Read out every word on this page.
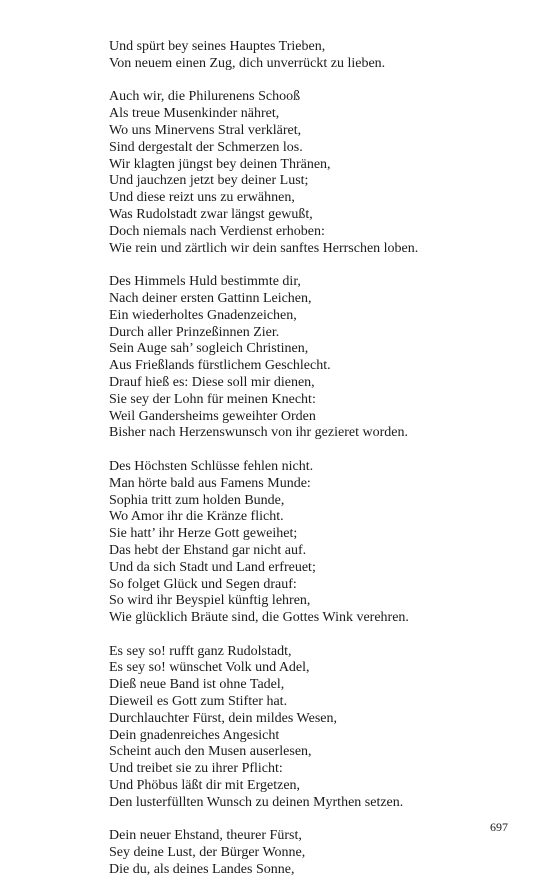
Und spürt bey seines Hauptes Trieben,
Von neuem einen Zug, dich unverrückt zu lieben.
Auch wir, die Philurenens Schooß
Als treue Musenkinder nähret,
Wo uns Minervens Stral verkläret,
Sind dergestalt der Schmerzen los.
Wir klagten jüngst bey deinen Thränen,
Und jauchzen jetzt bey deiner Lust;
Und diese reizt uns zu erwähnen,
Was Rudolstadt zwar längst gewußt,
Doch niemals nach Verdienst erhoben:
Wie rein und zärtlich wir dein sanftes Herrschen loben.
Des Himmels Huld bestimmte dir,
Nach deiner ersten Gattinn Leichen,
Ein wiederholtes Gnadenzeichen,
Durch aller Prinzeßinnen Zier.
Sein Auge sah’ sogleich Christinen,
Aus Frießlands fürstlichem Geschlecht.
Drauf hieß es: Diese soll mir dienen,
Sie sey der Lohn für meinen Knecht:
Weil Gandersheims geweihter Orden
Bisher nach Herzenswunsch von ihr gezieret worden.
Des Höchsten Schlüsse fehlen nicht.
Man hörte bald aus Famens Munde:
Sophia tritt zum holden Bunde,
Wo Amor ihr die Kränze flicht.
Sie hatt’ ihr Herze Gott geweihet;
Das hebt der Ehstand gar nicht auf.
Und da sich Stadt und Land erfreuet;
So folget Glück und Segen drauf:
So wird ihr Beyspiel künftig lehren,
Wie glücklich Bräute sind, die Gottes Wink verehren.
Es sey so! rufft ganz Rudolstadt,
Es sey so! wünschet Volk und Adel,
Dieß neue Band ist ohne Tadel,
Dieweil es Gott zum Stifter hat.
Durchlauchter Fürst, dein mildes Wesen,
Dein gnadenreiches Angesicht
Scheint auch den Musen auserlesen,
Und treibet sie zu ihrer Pflicht:
Und Phöbus läßt dir mit Ergetzen,
Den lusterfüllten Wunsch zu deinen Myrthen setzen.
Dein neuer Ehstand, theurer Fürst,
Sey deine Lust, der Bürger Wonne,
Die du, als deines Landes Sonne,
697
